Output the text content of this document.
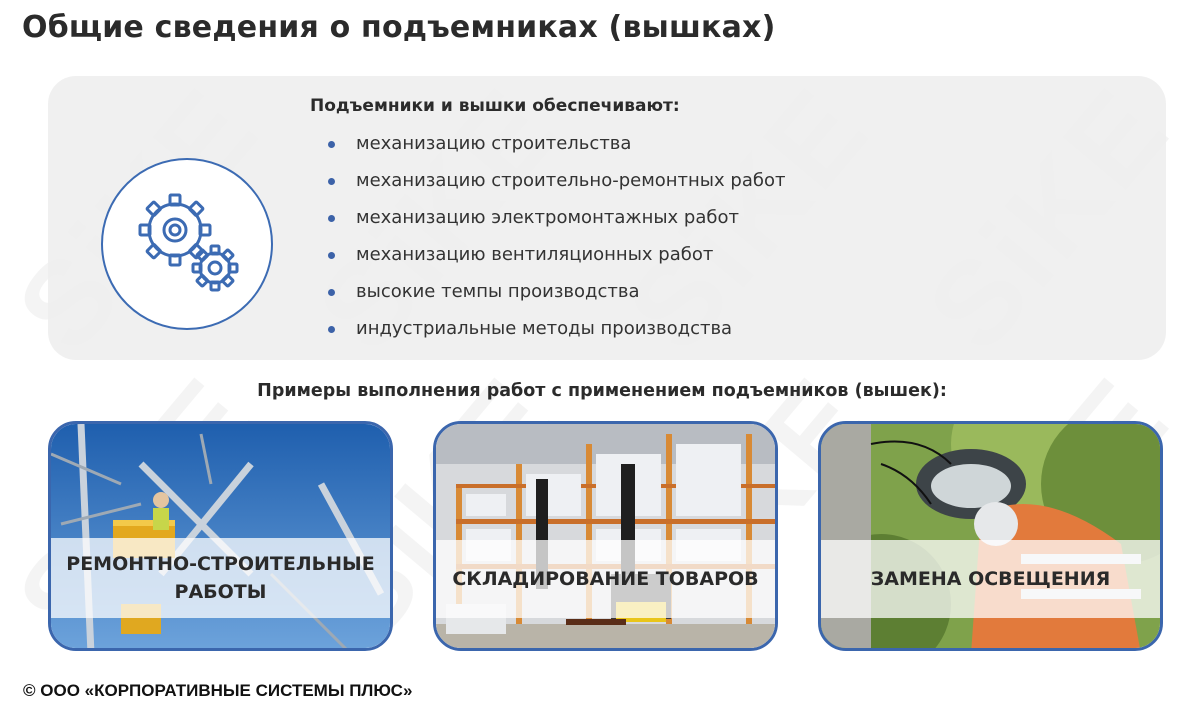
Общие сведения о подъемниках (вышках)

Подъемники и вышки обеспечивают:

механизацию строительства
механизацию строительно-ремонтных работ
механизацию электромонтажных работ
механизацию вентиляционных работ
высокие темпы производства
индустриальные методы производства
Примеры выполнения работ с применением подъемников (вышек):
РЕМОНТНО-СТРОИТЕЛЬНЫЕ РАБОТЫ
СКЛАДИРОВАНИЕ ТОВАРОВ	ЗАМЕНА ОСВЕЩЕНИЯ

© ООО «КОРПОРАТИВНЫЕ СИСТЕМЫ ПЛЮС»
